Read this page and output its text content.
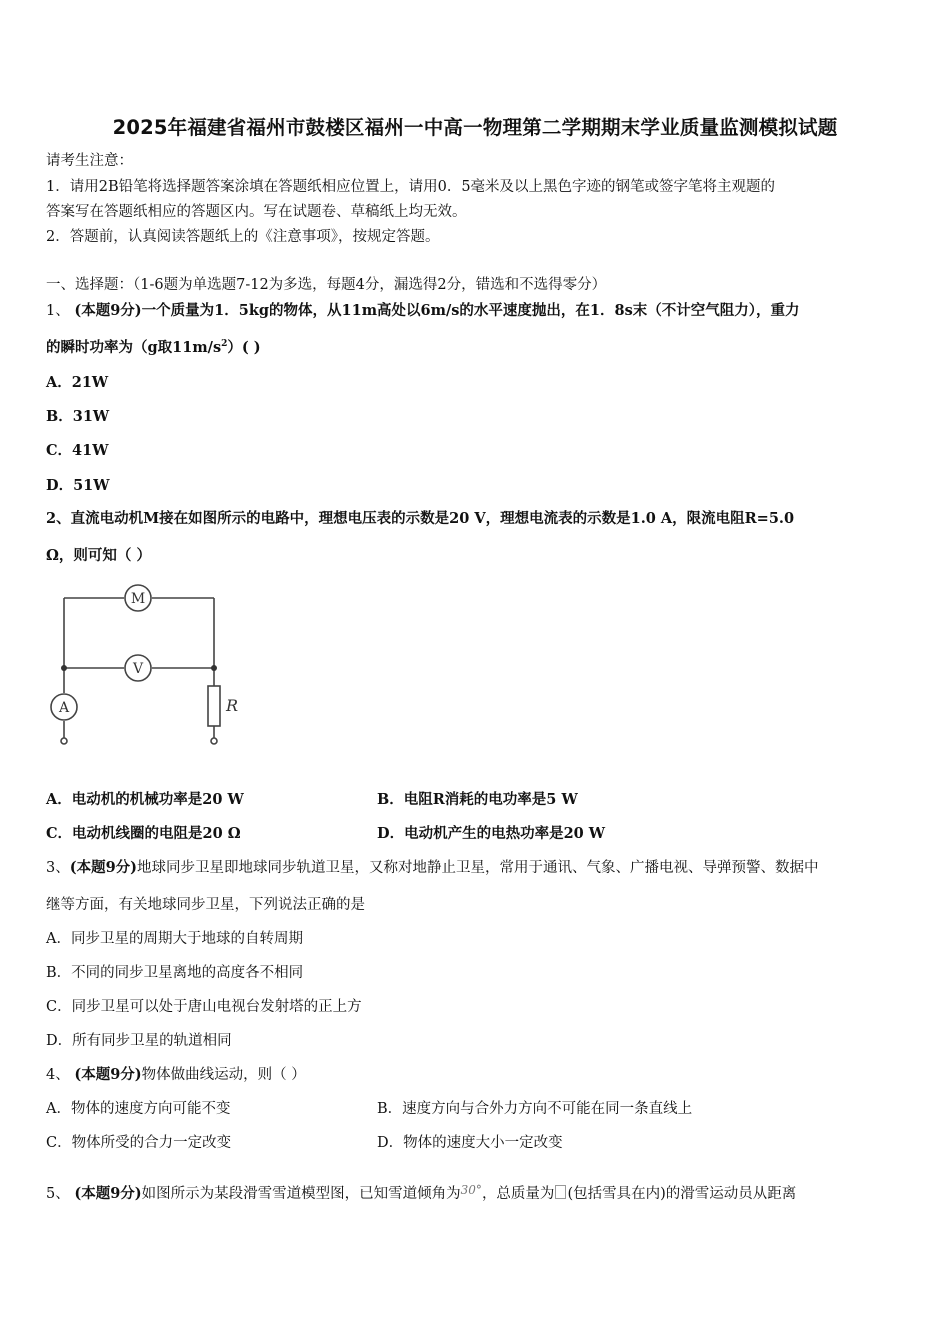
2025年福建省福州市鼓楼区福州一中高一物理第二学期期末学业质量监测模拟试题
请考生注意：
1．请用2B铅笔将选择题答案涂填在答题纸相应位置上，请用0．5毫米及以上黑色字迹的钢笔或签字笔将主观题的
答案写在答题纸相应的答题区内。写在试题卷、草稿纸上均无效。
2．答题前，认真阅读答题纸上的《注意事项》，按规定答题。
一、选择题：（1-6题为单选题7-12为多选，每题4分，漏选得2分，错选和不选得零分）
1、 (本题9分)一个质量为1．5kg的物体，从11m高处以6m/s的水平速度抛出，在1．8s末（不计空气阻力），重力
的瞬时功率为（g取$11m/s^2$）( )
A．21W
B．31W
C．41W
D．51W
2、直流电动机M接在如图所示的电路中，理想电压表的示数是20 V，理想电流表的示数是1.0 A，限流电阻R=5.0
Ω，则可知（ ）
M
V
A	R
A．电动机的机械功率是20 W	B．电阻R消耗的电功率是5 W
C．电动机线圈的电阻是20 Ω	D．电动机产生的电热功率是20 W
3、(本题9分)地球同步卫星即地球同步轨道卫星，又称对地静止卫星，常用于通讯、气象、广播电视、导弹预警、数据中
继等方面，有关地球同步卫星，下列说法正确的是
A．同步卫星的周期大于地球的自转周期
B．不同的同步卫星离地的高度各不相同
C．同步卫星可以处于唐山电视台发射塔的正上方
D．所有同步卫星的轨道相同
4、 (本题9分)物体做曲线运动，则（ ）
A．物体的速度方向可能不变	B．速度方向与合外力方向不可能在同一条直线上
C．物体所受的合力一定改变	D．物体的速度大小一定改变
5、 (本题9分)如图所示为某段滑雪雪道模型图，已知雪道倾角为$^{30^\circ}$，总质量为 (包括雪具在内)的滑雪运动员从距离
